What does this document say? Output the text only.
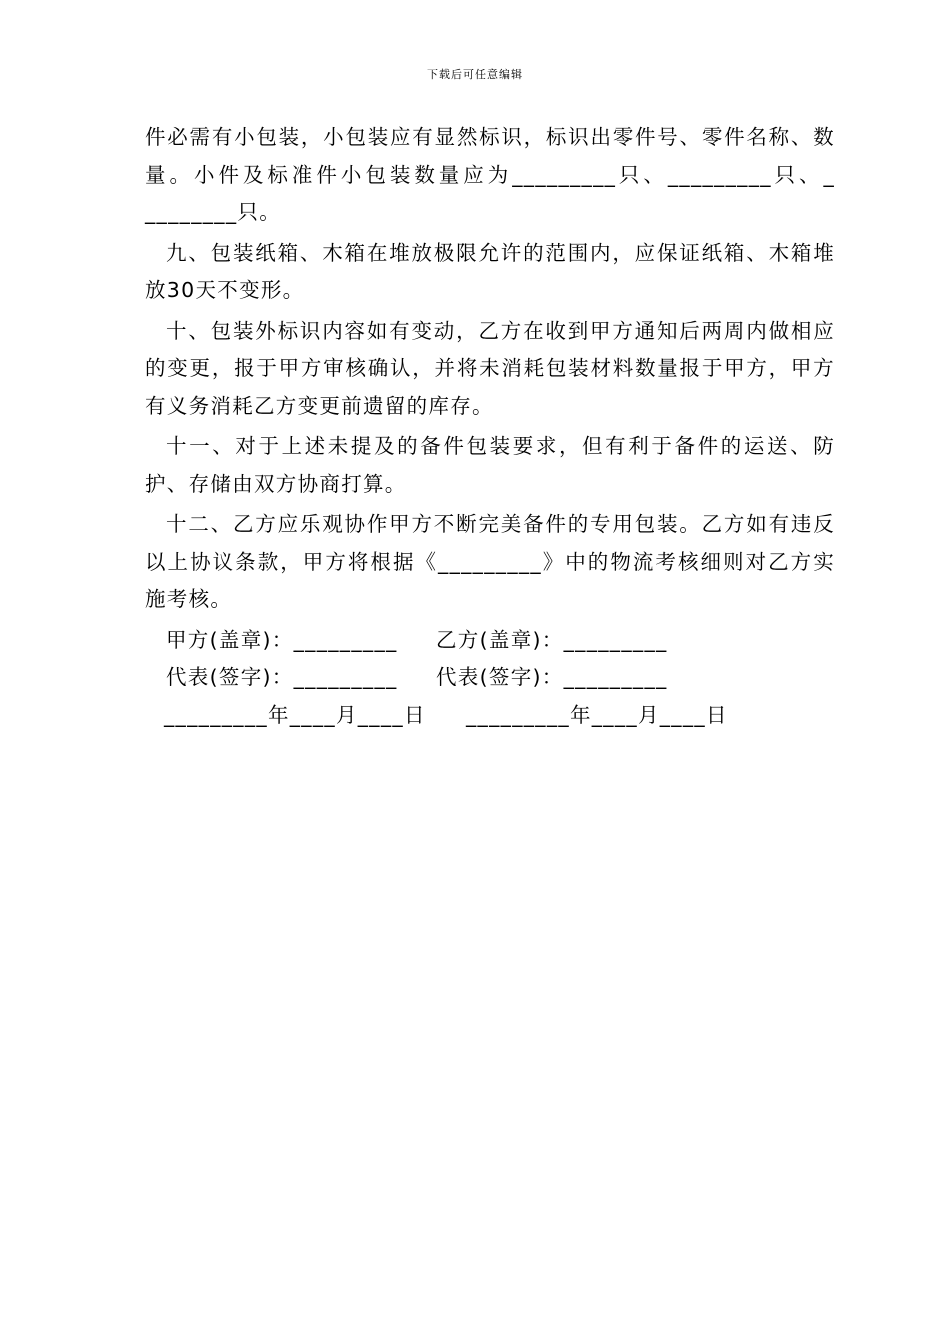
下载后可任意编辑

件必需有小包装，小包装应有显然标识，标识出零件号、零件名称、数量。小件及标准件小包装数量应为_________只、_________只、_ ________只。

九、包装纸箱、木箱在堆放极限允许的范围内，应保证纸箱、木箱堆放30天不变形。

十、包装外标识内容如有变动，乙方在收到甲方通知后两周内做相应的变更，报于甲方审核确认，并将未消耗包装材料数量报于甲方，甲方有义务消耗乙方变更前遗留的库存。

十一、对于上述未提及的备件包装要求，但有利于备件的运送、防护、存储由双方协商打算。

十二、乙方应乐观协作甲方不断完美备件的专用包装。乙方如有违反以上协议条款，甲方将根据《_________》中的物流考核细则对乙方实施考核。

甲方(盖章)：_________	乙方(盖章)：_________
代表(签字)：_________	代表(签字)：_________
_________年____月____日	_________年____月____日
